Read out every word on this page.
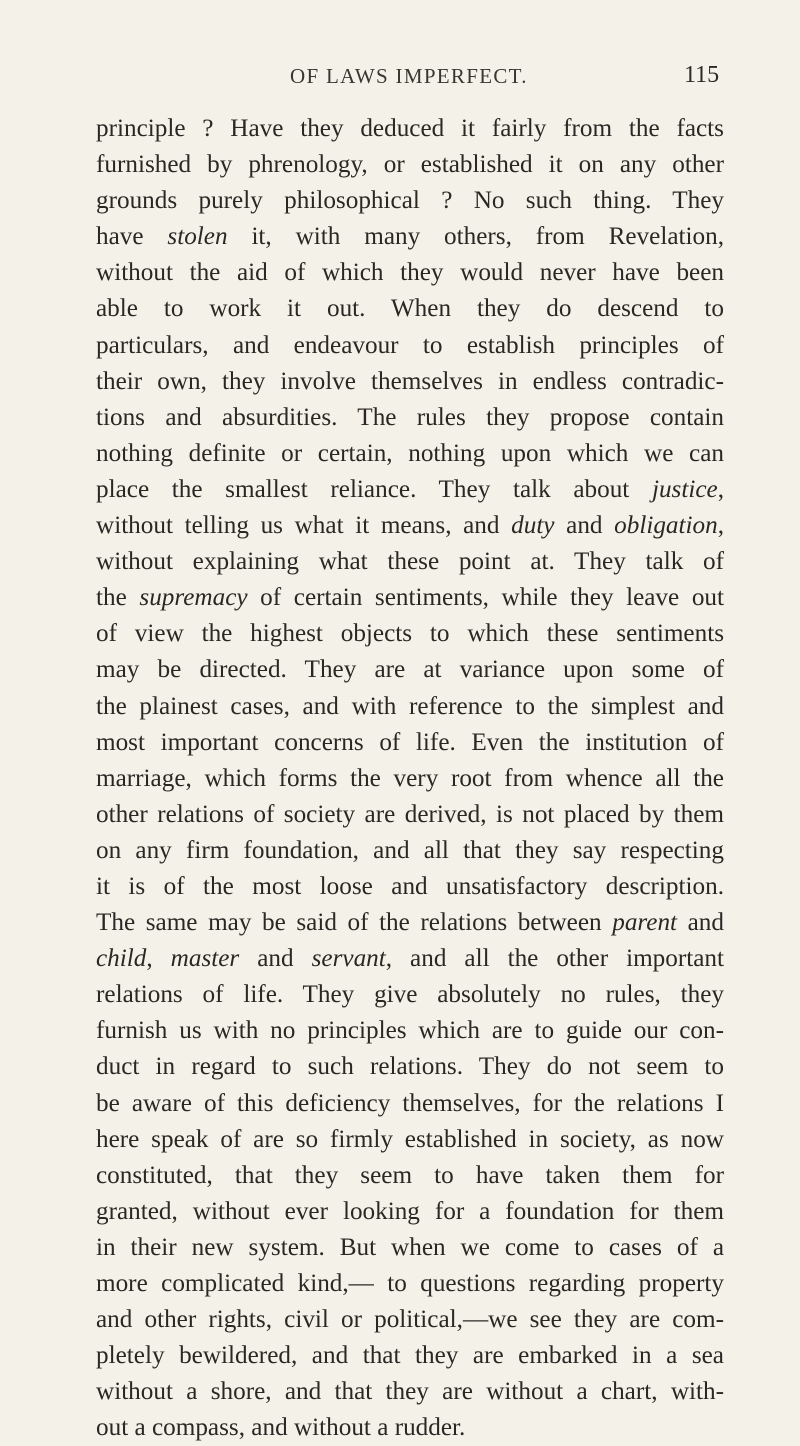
OF LAWS IMPERFECT.	115
principle ? Have they deduced it fairly from the facts
furnished by phrenology, or established it on any other
grounds purely philosophical ? No such thing. They
have stolen it, with many others, from Revelation,
without the aid of which they would never have been
able to work it out. When they do descend to
particulars, and endeavour to establish principles of
their own, they involve themselves in endless contradic-
tions and absurdities. The rules they propose contain
nothing definite or certain, nothing upon which we can
place the smallest reliance. They talk about justice,
without telling us what it means, and duty and obligation,
without explaining what these point at. They talk of
the supremacy of certain sentiments, while they leave out
of view the highest objects to which these sentiments
may be directed. They are at variance upon some of
the plainest cases, and with reference to the simplest and
most important concerns of life. Even the institution of
marriage, which forms the very root from whence all the
other relations of society are derived, is not placed by them
on any firm foundation, and all that they say respecting
it is of the most loose and unsatisfactory description.
The same may be said of the relations between parent and
child, master and servant, and all the other important
relations of life. They give absolutely no rules, they
furnish us with no principles which are to guide our con-
duct in regard to such relations. They do not seem to
be aware of this deficiency themselves, for the relations I
here speak of are so firmly established in society, as now
constituted, that they seem to have taken them for
granted, without ever looking for a foundation for them
in their new system. But when we come to cases of a
more complicated kind,— to questions regarding property
and other rights, civil or political,—we see they are com-
pletely bewildered, and that they are embarked in a sea
without a shore, and that they are without a chart, with-
out a compass, and without a rudder.
